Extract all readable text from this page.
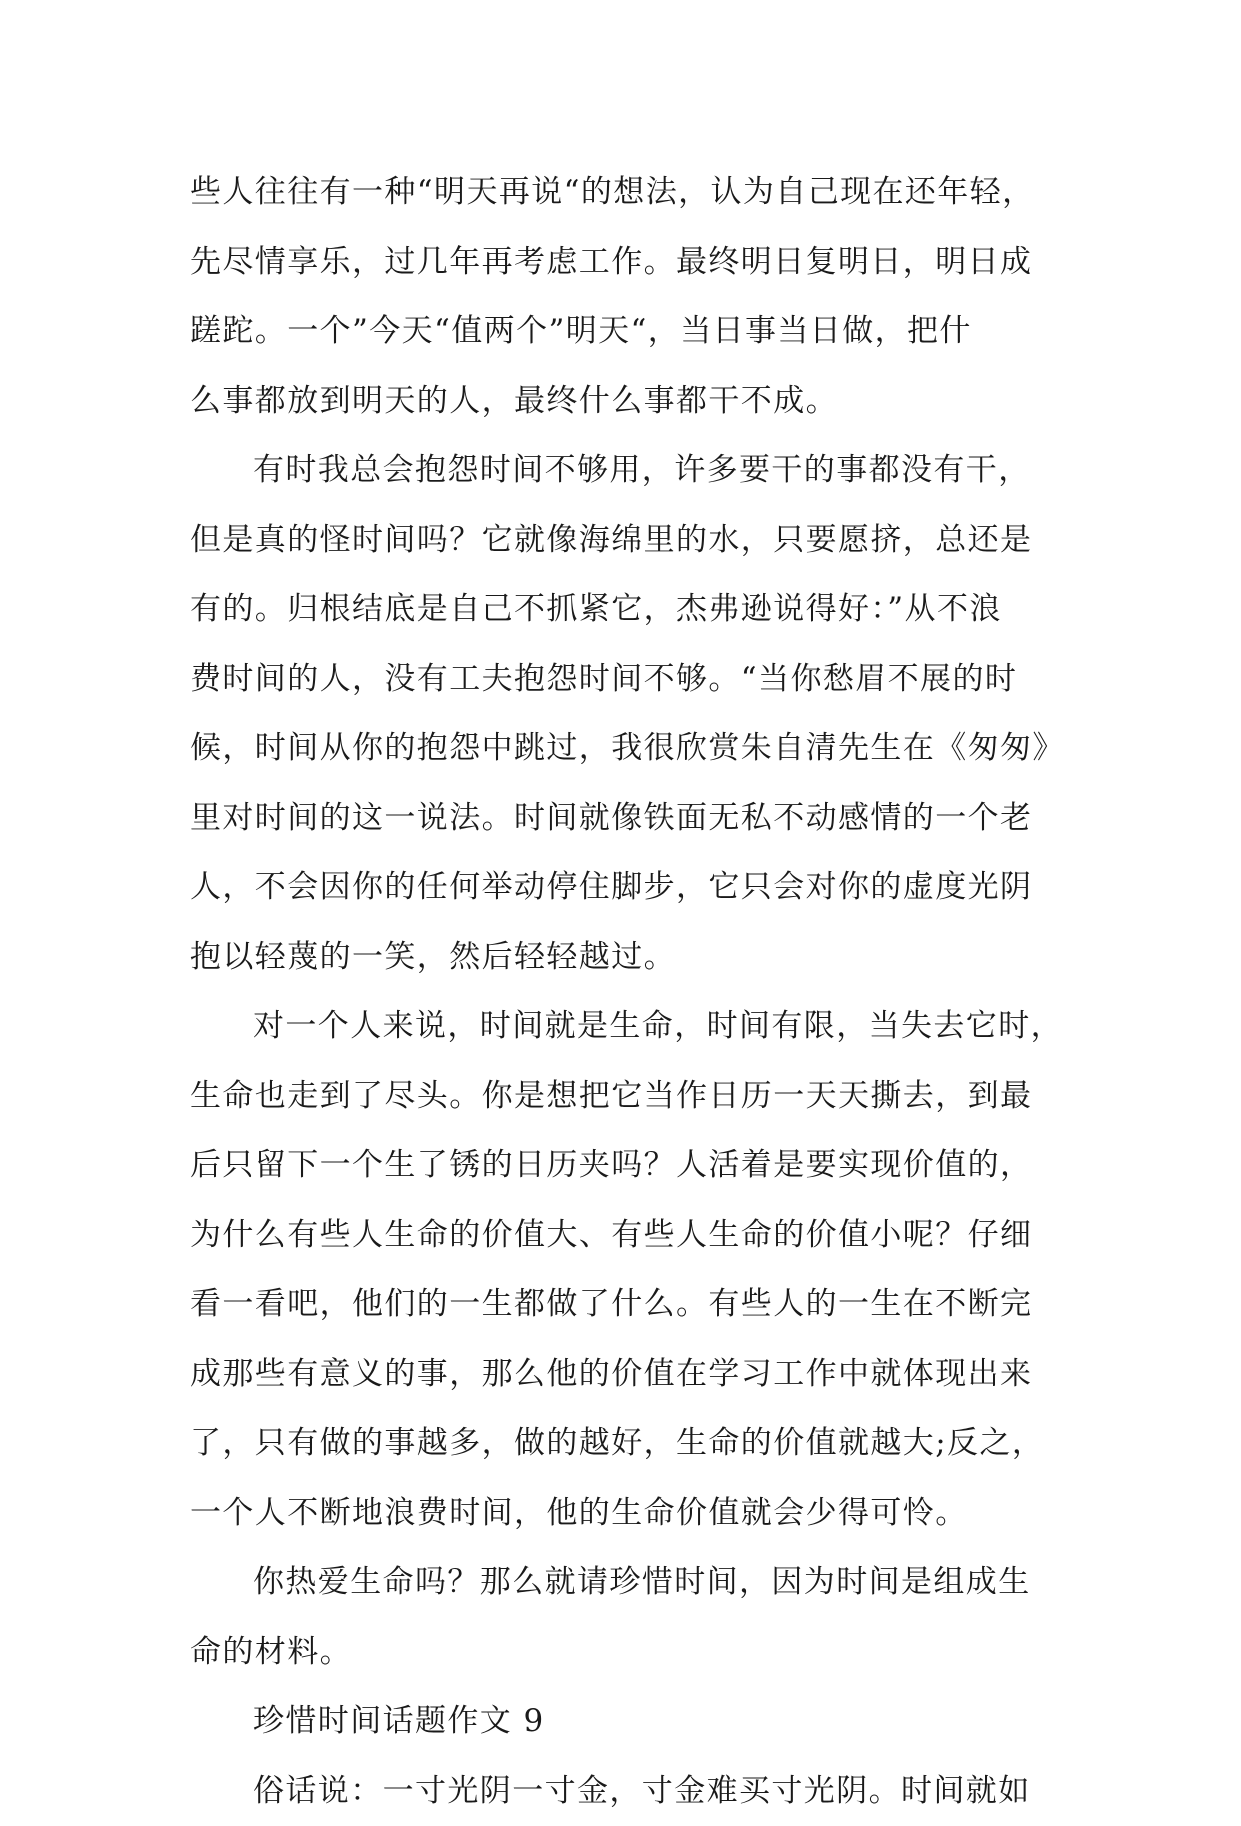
些人往往有一种“明天再说“的想法，认为自己现在还年轻，
先尽情享乐，过几年再考虑工作。最终明日复明日，明日成
蹉跎。一个”今天“值两个”明天“，当日事当日做，把什
么事都放到明天的人，最终什么事都干不成。
有时我总会抱怨时间不够用，许多要干的事都没有干，
但是真的怪时间吗？它就像海绵里的水，只要愿挤，总还是
有的。归根结底是自己不抓紧它，杰弗逊说得好：”从不浪
费时间的人，没有工夫抱怨时间不够。“当你愁眉不展的时
候，时间从你的抱怨中跳过，我很欣赏朱自清先生在《匆匆》
里对时间的这一说法。时间就像铁面无私不动感情的一个老
人，不会因你的任何举动停住脚步，它只会对你的虚度光阴
抱以轻蔑的一笑，然后轻轻越过。
对一个人来说，时间就是生命，时间有限，当失去它时，
生命也走到了尽头。你是想把它当作日历一天天撕去，到最
后只留下一个生了锈的日历夹吗？人活着是要实现价值的，
为什么有些人生命的价值大、有些人生命的价值小呢？仔细
看一看吧，他们的一生都做了什么。有些人的一生在不断完
成那些有意义的事，那么他的价值在学习工作中就体现出来
了，只有做的事越多，做的越好，生命的价值就越大;反之，
一个人不断地浪费时间，他的生命价值就会少得可怜。
你热爱生命吗？那么就请珍惜时间，因为时间是组成生
命的材料。
珍惜时间话题作文 9
俗话说：一寸光阴一寸金，寸金难买寸光阴。时间就如
